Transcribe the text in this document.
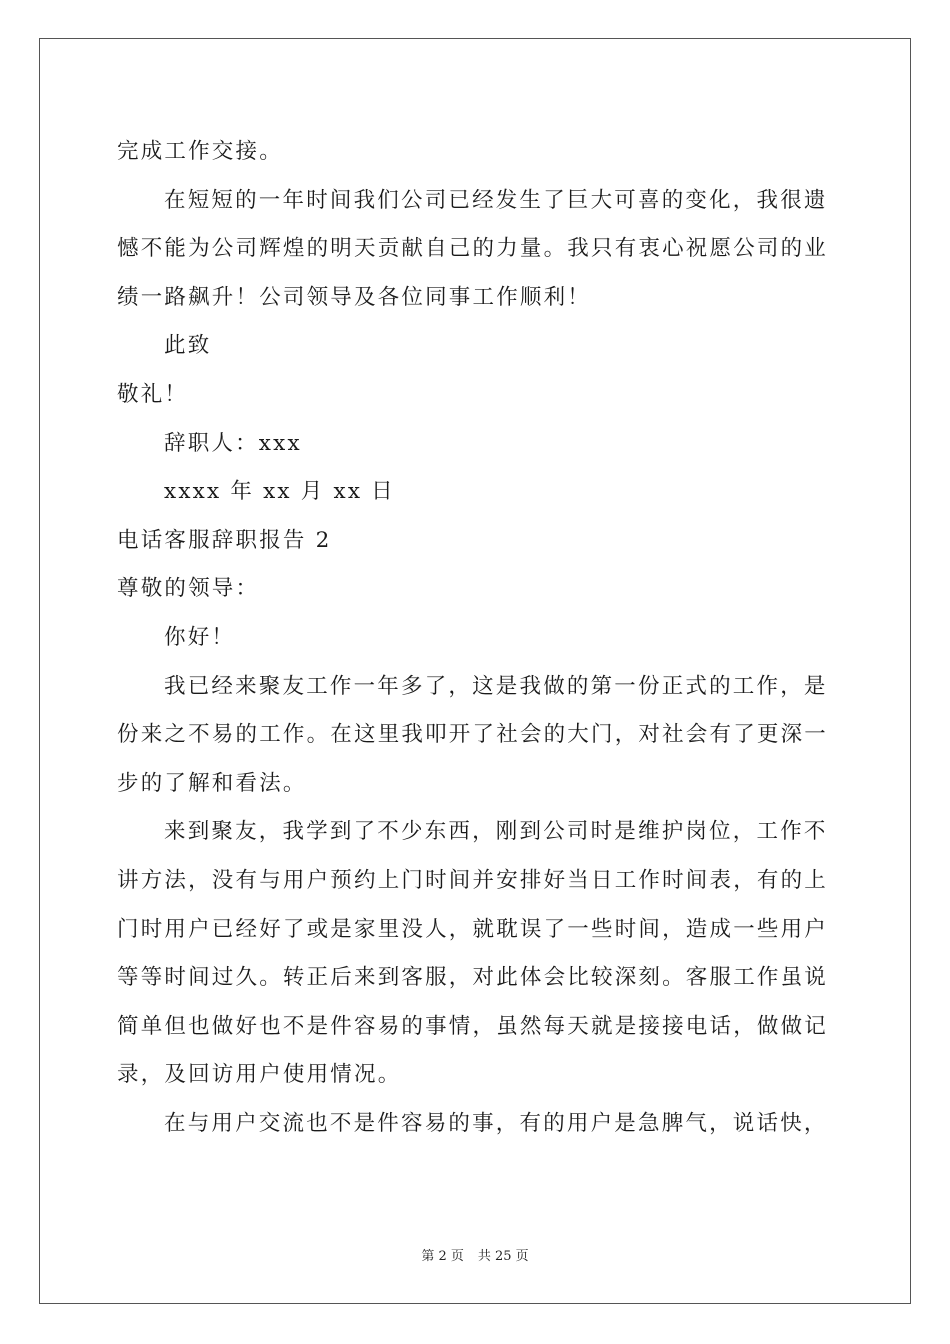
完成工作交接。
在短短的一年时间我们公司已经发生了巨大可喜的变化，我很遗
憾不能为公司辉煌的明天贡献自己的力量。我只有衷心祝愿公司的业
绩一路飙升！公司领导及各位同事工作顺利！
此致
敬礼！
辞职人：xxx
xxxx 年 xx 月 xx 日
电话客服辞职报告 2
尊敬的领导：
你好！
我已经来聚友工作一年多了，这是我做的第一份正式的工作，是
份来之不易的工作。在这里我叩开了社会的大门，对社会有了更深一
步的了解和看法。
来到聚友，我学到了不少东西，刚到公司时是维护岗位，工作不
讲方法，没有与用户预约上门时间并安排好当日工作时间表，有的上
门时用户已经好了或是家里没人，就耽误了一些时间，造成一些用户
等等时间过久。转正后来到客服，对此体会比较深刻。客服工作虽说
简单但也做好也不是件容易的事情，虽然每天就是接接电话，做做记
录，及回访用户使用情况。
在与用户交流也不是件容易的事，有的用户是急脾气，说话快，
第 2 页 共 25 页
